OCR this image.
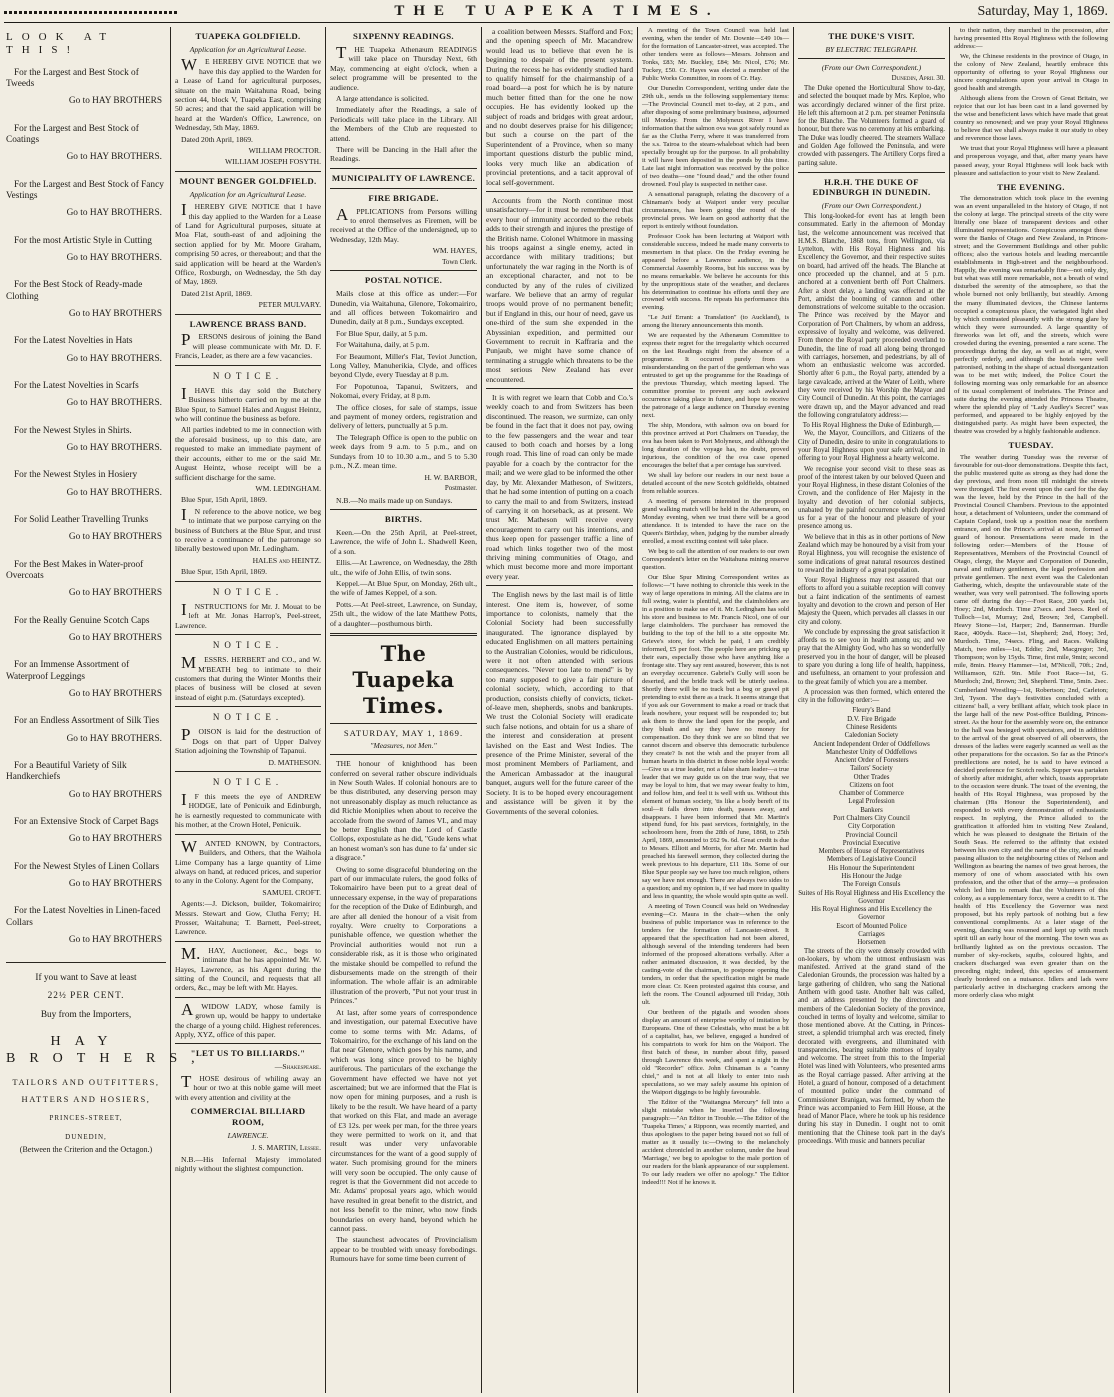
THE TUAPEKA TIMES.	Saturday, May 1, 1869.

LOOK AT THIS!

For the Largest and Best Stock of Tweeds

Go to HAY BROTHERS

For the Largest and Best Stock of Coatings

Go to HAY BROTHERS.

For the Largest and Best Stock of Fancy Vestings

Go to HAY BROTHERS.

For the most Artistic Style in Cutting

Go to HAY BROTHERS.

For the Best Stock of Ready-made Clothing

Go to HAY BROTHERS

For the Latest Novelties in Hats

Go to HAY BROTHERS.

For the Latest Novelties in Scarfs

Go to HAY BROTHERS.

For the Newest Styles in Shirts.

Go to HAY BROTHERS.

For the Newest Styles in Hosiery

Go to HAY BROTHERS.

For Solid Leather Travelling Trunks

Go to HAY BROTHERS

For the Best Makes in Water-proof Overcoats

Go to HAY BROTHERS

For the Really Genuine Scotch Caps

Go to HAY BROTHERS

For an Immense Assortment of Waterproof Leggings

Go to HAY BROTHERS

For an Endless Assortment of Silk Ties

Go to HAY BROTHERS.

For a Beautiful Variety of Silk Handkerchiefs

Go to HAY BROTHERS

For an Extensive Stock of Carpet Bags

Go to HAY BROTHERS

For the Newest Styles of Linen Collars

Go to HAY BROTHERS

For the Latest Novelties in Linen-faced Collars

Go to HAY BROTHERS

If you want to Save at least

22½ PER CENT.

Buy from the Importers,

HAY BROTHERS,

TAILORS AND OUTFITTERS,

HATTERS AND HOSIERS,

PRINCES-STREET,

DUNEDIN,

(Between the Criterion and the Octagon.)

TUAPEKA GOLDFIELD.

Application for an Agricultural Lease.

WE HEREBY GIVE NOTICE that we have this day applied to the Warden for a Lease of Land for agricultural purposes, situate on the main Waitahuna Road, being section 44, block V, Tuapeka East, comprising 50 acres; and that the said application will be heard at the Warden's Office, Lawrence, on Wednesday, 5th May, 1869.

Dated 20th April, 1869.

WILLIAM PROCTOR.

WILLIAM JOSEPH FOSYTH.

MOUNT BENGER GOLDFIELD.

Application for an Agricultural Lease.

IHEREBY GIVE NOTICE that I have this day applied to the Warden for a Lease of Land for Agricultural purposes, situate at Moa Flat, south-east of and adjoining the section applied for by Mr. Moore Graham, comprising 50 acres, or thereabout; and that the said application will be heard at the Warden's Office, Roxburgh, on Wednesday, the 5th day of May, 1869.

Dated 21st April, 1869.

PETER MULVARY.

LAWRENCE BRASS BAND.

PERSONS desirous of joining the Band will please communicate with Mr. D. F. Francis, Leader, as there are a few vacancies.

NOTICE.

IHAVE this day sold the Butchery Business hitherto carried on by me at the Blue Spur, to Samuel Hales and August Heintz, who will continue the business as before.

All parties indebted to me in connection with the aforesaid business, up to this date, are requested to make an immediate payment of their accounts, either to me or the said Mr. August Heintz, whose receipt will be a sufficient discharge for the same.

WM. LEDINGHAM.

Blue Spur, 15th April, 1869.

IN reference to the above notice, we beg to intimate that we purpose carrying on the business of Butchers at the Blue Spur, and trust to receive a continuance of the patronage so liberally bestowed upon Mr. Ledingham.

HALES and HEINTZ.

Blue Spur, 15th April, 1869.

NOTICE.

INSTRUCTIONS for Mr. J. Mouat to be left at Mr. Jonas Harrop's, Peel-street, Lawrence.

NOTICE.

MESSRS. HERBERT and CO., and W. M'BEATH beg to intimate to their customers that during the Winter Months their places of business will be closed at seven instead of eight p.m. (Saturdays excepted).

NOTICE.

POISON is laid for the destruction of Dogs on that part of Upper Dalvey Station adjoining the Township of Tapanui.

D. MATHESON.

NOTICE.

IF this meets the eye of ANDREW HODGE, late of Penicuik and Edinburgh, he is earnestly requested to communicate with his mother, at the Crown Hotel, Penicuik.

WANTED KNOWN, by Contractors, Builders, and Others, that the Waihola Lime Company has a large quantity of Lime always on hand, at reduced prices, and superior to any in the Colony. Agent for the Company,

SAMUEL CROFT.

Agents:—J. Dickson, builder, Tokomairiro; Messrs. Stewart and Gow, Clutha Ferry; H. Prosser, Waitahuna; T. Barnett, Peel-street, Lawrence.

M.HAY, Auctioneer, &c., begs to intimate that he has appointed Mr. W. Hayes, Lawrence, as his Agent during the sitting of the Council, and requests that all orders, &c., may be left with Mr. Hayes.

AWIDOW LADY, whose family is grown up, would be happy to undertake the charge of a young child. Highest references. Apply, XYZ, office of this paper.

"LET US TO BILLIARDS."

—Shakespeare.

THOSE desirous of whiling away an hour or two at this noble game will meet with every attention and civility at the

COMMERCIAL BILLIARD ROOM,

LAWRENCE.

J. S. MARTIN, Lessee.

N.B.—His Infernal Majesty immolated nightly without the slightest compunction.

SIXPENNY READINGS.

THE Tuapeka Athenæum READINGS will take place on Thursday Next, 6th May, commencing at eight o'clock, when a select programme will be presented to the audience.

A large attendance is solicited.

Immediately after the Readings, a sale of Periodicals will take place in the Library. All the Members of the Club are requested to attend.

There will be Dancing in the Hall after the Readings.

MUNICIPALITY OF LAWRENCE.

FIRE BRIGADE.

APPLICATIONS from Persons willing to enrol themselves as Firemen, will be received at the Office of the undersigned, up to Wednesday, 12th May.

WM. HAYES,

Town Clerk.

POSTAL NOTICE.

Mails close at this office as under:—For Dunedin, via Waitahuna, Glenore, Tokomairiro, and all offices between Tokomairiro and Dunedin, daily at 8 p.m., Sundays excepted.

For Blue Spur, daily, at 5 p.m.

For Waitahuna, daily, at 5 p.m.

For Beaumont, Miller's Flat, Teviot Junction, Long Valley, Manuherikia, Clyde, and offices beyond Clyde, every Tuesday at 8 p.m.

For Popotunoa, Tapanui, Switzers, and Nokomai, every Friday, at 8 p.m.

The office closes, for sale of stamps, issue and payment of money orders, registration and delivery of letters, punctually at 5 p.m.

The Telegraph Office is open to the public on week days from 9 a.m. to 5 p.m., and on Sundays from 10 to 10.30 a.m., and 5 to 5.30 p.m., N.Z. mean time.

H. W. BARBOR,

Postmaster.

N.B.—No mails made up on Sundays.

BIRTHS.

Keen.—On the 25th April, at Peel-street, Lawrence, the wife of John L. Shadwell Keen, of a son.

Ellis.—At Lawrence, on Wednesday, the 28th ult., the wife of John Ellis, of twin sons.

Keppel.—At Blue Spur, on Monday, 26th ult., the wife of James Keppel, of a son.

Potts.—At Peel-street, Lawrence, on Sunday, 25th ult., the widow of the late Matthew Potts, of a daughter—posthumous birth.

The Tuapeka Times.

SATURDAY, MAY 1, 1869.

"Measures, not Men."

THE honour of knighthood has been conferred on several rather obscure individuals in New South Wales. If colonial honours are to be thus distributed, any deserving person may not unreasonably display as much reluctance as did Richie Moniplies when about to receive the accolade from the sword of James VI., and may be better English than the Lord of Castle Collops, expostulate as he did, "Gude kens what an honest woman's son has dune to fa' under sic a disgrace."

Owing to some disgraceful blundering on the part of our immaculate rulers, the good folks of Tokomairiro have been put to a great deal of unnecessary expense, in the way of preparations for the reception of the Duke of Edinburgh, and are after all denied the honour of a visit from royalty. Were cruelty to Corporations a punishable offence, we question whether the Provincial authorities would not run a considerable risk, as it is those who originated the mistake should be compelled to refund the disbursements made on the strength of their information. The whole affair is an admirable illustration of the proverb, "Put not your trust in Princes."

At last, after some years of correspondence and investigation, our paternal Executive have come to some terms with Mr. Adams, of Tokomairiro, for the exchange of his land on the flat near Glenore, which goes by his name, and which was long since proved to be highly auriferous. The particulars of the exchange the Government have effected we have not yet ascertained; but we are informed that the Flat is now open for mining purposes, and a rush is likely to be the result. We have heard of a party that worked on this Flat, and made an average of £3 12s. per week per man, for the three years they were permitted to work on it, and that result was under very unfavorable circumstances for the want of a good supply of water. Such promising ground for the miners will very soon be occupied. The only cause of regret is that the Government did not accede to Mr. Adams' proposal years ago, which would have resulted in great benefit to the district, and not less benefit to the miner, who now finds boundaries on every hand, beyond which he cannot pass.

The staunchest advocates of Provincialism appear to be troubled with uneasy forebodings. Rumours have for some time been current of

a coalition between Messrs. Stafford and Fox; and the opening speech of Mr. Macandrew would lead us to believe that even he is beginning to despair of the present system. During the recess he has evidently studied hard to qualify himself for the chairmanship of a road board—a post for which he is by nature much better fitted than for the one he now occupies. He has evidently looked up the subject of roads and bridges with great ardour, and no doubt deserves praise for his diligence; but such a course on the part of the Superintendent of a Province, when so many important questions disturb the public mind, looks very much like an abdication of provincial pretentions, and a tacit approval of local self-government.

Accounts from the North continue most unsatisfactory—for it must be remembered that every hour of immunity accorded to the rebels adds to their strength and injures the prestige of the British name. Colonel Whitmore in massing his troops against a single enemy, acted in accordance with military traditions; but unfortunately the war raging in the North is of an exceptional character, and not to be conducted by any of the rules of civilized warfare. We believe that an army of regular troops would prove of no permanent benefit; but if England in this, our hour of need, gave us one-third of the sum she expended in the Abyssinian expedition, and permitted our Government to recruit in Kaffraria and the Punjaub, we might have some chance of terminating a struggle which threatens to be the most serious New Zealand has ever encountered.

It is with regret we learn that Cobb and Co.'s weekly coach to and from Switzers has been discontinued. The reason, we surmize, can only be found in the fact that it does not pay, owing to the few passengers and the wear and tear caused to both coach and horses by a long rough road. This line of road can only be made payable for a coach by the contractor for the mail; and we were glad to be informed the other day, by Mr. Alexander Matheson, of Switzers, that he had some intention of putting on a coach to carry the mail to and from Switzers, instead of carrying it on horseback, as at present. We trust Mr. Matheson will receive every encouragement to carry out his intentions, and thus keep open for passenger traffic a line of road which links together two of the most thriving mining communities of Otago, and which must become more and more important every year.

The English news by the last mail is of little interest. One item is, however, of some importance to colonists, namely that the Colonial Society had been successfully inaugurated. The ignorance displayed by educated Englishmen on all matters pertaining to the Australian Colonies, would be ridiculous, were it not often attended with serious consequences. "Never too late to mend" is by too many supposed to give a fair picture of colonial society, which, according to that production, consists chiefly of convicts, ticket-of-leave men, shepherds, snobs and bankrupts. We trust the Colonial Society will eradicate such false notions, and obtain for us a share of the interest and consideration at present lavished on the East and West Indies. The presence of the Prime Minister, several of the most prominent Members of Parliament, and the American Ambassador at the inaugural banquet, augurs well for the future career of the Society. It is to be hoped every encouragement and assistance will be given it by the Governments of the several colonies.

A meeting of the Town Council was held last evening, when the tender of Mr. Downie—£49 10s—for the formation of Lancaster-street, was accepted. The other tenders were as follows—Messrs. Johnson and Tonks, £83; Mr. Buckley, £84; Mr. Nicol, £76; Mr. Tuckey, £50. Cr. Hayes was elected a member of the Public Works Committee, in room of Cr. Hay.

Our Dunedin Correspondent, writing under date the 29th ult., sends us the following supplementary items:—The Provincial Council met to-day, at 2 p.m., and after disposing of some preliminary business, adjourned till Monday. From the Molyneux River I have information that the salmon ova was got safely round as far as the Clutha Ferry, where it was transferred from the s.s. Tairoa to the steam-whaleboat which had been specially brought up for the purpose. In all probability it will have been deposited in the ponds by this time. Late last night information was received by the police of two deaths—one "found dead," and the other found drowned. Foul play is suspected in neither case.

A sensational paragraph, relating the discovery of a Chinaman's body at Waipori under very peculiar circumstances, has been going the round of the provincial press. We learn on good authority that the report is entirely without foundation.

Professor Cook has been lecturing at Waipori with considerable success, indeed he made many converts to mesmerism in that place. On the Friday evening he appeared before a Lawrence audience, in the Commercial Assembly Rooms, but his success was by no means remarkable. We believe he accounts for this by the unpropitious state of the weather, and declares his determination to continue his efforts until they are crowned with success. He repeats his performance this evening.

"Le Juif Errant: a Translation" (to Auckland), is among the literary announcements this month.

We are requested by the Athenæum Committee to express their regret for the irregularity which occurred on the last Readings night from the absence of a programme. It occurred purely from a misunderstanding on the part of the gentleman who was entrusted to get up the programme for the Readings of the previous Thursday, which meeting lapsed. The committee promise to prevent any such awkward occurrence taking place in future, and hope to receive the patronage of a large audience on Thursday evening next.

The ship, Mondora, with salmon ova on board for this province arrived at Port Chalmers on Tuesday, the ova has been taken to Port Molyneux, and although the long duration of the voyage has, no doubt, proved injurious, the condition of the ova case opened encourages the belief that a per centage has survived.

We shall lay before our readers in our next issue a detailed account of the new Scotch goldfields, obtained from reliable sources.

A meeting of persons interested in the proposed grand walking match will be held in the Athenæum, on Monday evening, when we trust there will be a good attendance. It is intended to have the race on the Queen's Birthday, when, judging by the number already enrolled, a most exciting contest will take place.

We beg to call the attention of our readers to our own Correspondent's letter on the Waitahuna mining reserve question.

Our Blue Spur Mining Correspondent writes as follows:—"I have nothing to chronicle this week in the way of large operations in mining. All the claims are in full swing, water is plentiful, and the claimholders are in a position to make use of it. Mr. Ledingham has sold his store and business to Mr. Francis Nicol, one of our large claimholders. The purchaser has removed the building to the top of the hill to a site opposite Mr. Grieve's store, for which he paid, I am credibly informed, £5 per foot. The people here are pricking up their ears, especially those who have anything like a frontage site. They say rent assured, however, this is not an everyday occurrence. Gabriel's Gully will soon be deserted, and the bridle track will be utterly useless. Shortly there will be no track but a bog or gravel pit pretending to exist there as a track. It seems strange that if you ask our Government to make a road or track that leads nowhere, your request will be responded to; but ask them to throw the land open for the people, and they blush and say they have no money for compensation. Do they think we are so blind that we cannot discern and observe this democratic turbulence they create? Is not the wish and the prayer from all human hearts in this district in those noble loyal words:—Give us a true leader, not a false sham leader—a true leader that we may guide us on the true way, that we may be loyal to him, that we may swear fealty to him, and follow him, and feel it is well with us. Without this element of human society, 'tis like a body bereft of its soul—it falls down into death, passes away, and disappears. I have been informed that Mr. Martin's stipend fund, for his past services, fortnightly, in the schoolroom here, from the 28th of June, 1868, to 25th April, 1869, amounted to £62 9s. 6d. Great credit is due to Messrs. Elliott and Morris, for after Mr. Martin had preached his farewell sermon, they collected during the week previous to his departure, £11 18s. Some of our Blue Spur people say we have too much religion, others say we have not enough. There are always two sides to a question; and my opinion is, if we had more in quality and less in quantity, the whole would spin quite as well.

A meeting of Town Council was held on Wednesday evening—Cr. Maura in the chair—when the only business of public importance was in reference to the tenders for the formation of Lancaster-street. It appeared that the specification had not been altered, although several of the intending tenderers had been informed of the proposed alterations verbally. After a rather animated discussion, it was decided, by the casting-vote of the chairman, to postpone opening the tenders, in order that the specification might be made more clear. Cr. Keen protested against this course, and left the room. The Council adjourned till Friday, 30th ult.

Our brethren of the pigtails and wooden shoes display an amount of enterprise worthy of imitation by Europeans. One of these Celestials, who must be a bit of a capitalist, has, we believe, engaged a hundred of his compatriots to work for him on the Waipori. The first batch of these, in number about fifty, passed through Lawrence this week, and spent a night in the old "Recorder" office. John Chinaman is a "canny chiel," and is not at all likely to enter into rash speculations, so we may safely assume his opinion of the Waipori diggings to be highly favourable.

The Editor of the "Waitangna Mercury" fell into a slight mistake when he inserted the following paragraph:—"An Editor in Trouble.—The Editor of the 'Tuapeka Times,' a Ripponn, was recently married, and thus apologises to the paper being issued not so full of matter as it usually is:—Owing to the melancholy accident chronicled in another column, under the head 'Marriage,' we beg to apologise to the male portion of our readers for the blank appearance of our supplement. To our lady readers we offer no apology." The Editor indeed!!! Not if he knows it.

THE DUKE'S VISIT.

BY ELECTRIC TELEGRAPH.

(From our Own Correspondent.)

Dunedin, April 30.

The Duke opened the Horticultural Show to-day, and selected the bouquet made by Mrs. Keploe, who was accordingly declared winner of the first prize. He left this afternoon at 2 p.m. per steamer Peninsula for the Blanche. The Volunteers formed a guard of honour, but there was no ceremony at his embarking. The Duke was loudly cheered. The steamers Wallace and Golden Age followed the Peninsula, and were crowded with passengers. The Artillery Corps fired a parting salute.

H.R.H. THE DUKE OF EDINBURGH IN DUNEDIN.

(From our Own Correspondent.)

This long-looked-for event has at length been consummated. Early in the afternoon of Monday last, the welcome announcement was received that H.M.S. Blanche, 1868 tons, from Wellington, via Lyttelton, with His Royal Highness and his Excellency the Governor, and their respective suites on board, had arrived off the heads. The Blanche at once proceeded up the channel, and at 5 p.m. anchored at a convenient berth off Port Chalmers. After a short delay, a landing was effected at the Port, amidst the booming of cannon and other demonstrations of welcome suitable to the occasion. The Prince was received by the Mayor and Corporation of Port Chalmers, by whom an address, expressive of loyalty and welcome, was delivered. From thence the Royal party proceeded overland to Dunedin, the line of road all along being thronged with carriages, horsemen, and pedestrians, by all of whom an enthusiastic welcome was accorded. Shortly after 6 p.m., the Royal party, attended by a large cavalcade, arrived at the Water of Leith, where they were received by his Worship the Mayor and City Council of Dunedin. At this point, the carriages were drawn up, and the Mayor advanced and read the following congratulatory address:—

To His Royal Highness the Duke of Edinburgh,—

We, the Mayor, Councillors, and Citizens of the City of Dunedin, desire to unite in congratulations to your Royal Highness upon your safe arrival, and in offering to your Royal Highness a hearty welcome.

We recognise your second visit to these seas as proof of the interest taken by our beloved Queen and your Royal Highness, in these distant Colonies of the Crown, and the confidence of Her Majesty in the loyalty and devotion of her colonial subjects, unabated by the painful occurrence which deprived us for a year of the honour and pleasure of your presence among us.

We believe that in this as in other portions of New Zealand which may be honoured by a visit from your Royal Highness, you will recognise the existence of some indications of great natural resources destined to reward the industry of a great population.

Your Royal Highness may rest assured that our efforts to afford you a suitable reception will convey but a faint indication of the sentiments of earnest loyalty and devotion to the crown and person of Her Majesty the Queen, which pervades all classes in our city and colony.

We conclude by expressing the great satisfaction it affords us to see you in health among us; and we pray that the Almighty God, who has so wonderfully preserved you in the hour of danger, will be pleased to spare you during a long life of health, happiness, and usefulness, an ornament to your profession and to the great family of which you are a member.

A procession was then formed, which entered the city in the following order:—

Fleury's Band

D.V. Fire Brigade

Chinese Residents

Caledonian Society

Ancient Independent Order of Oddfellows

Manchester Unity of Oddfellows

Ancient Order of Foresters

Tailors' Society

Other Trades

Citizens on foot

Chamber of Commerce

Legal Profession

Bankers

Port Chalmers City Council

City Corporation

Provincial Council

Provincial Executive

Members of House of Representatives

Members of Legislative Council

His Honour the Superintendent

His Honour the Judge

The Foreign Consuls

Suites of His Royal Highness and His Excellency the Governor

His Royal Highness and His Excellency the Governor

Escort of Mounted Police

Carriages

Horsemen

The streets of the city were densely crowded with on-lookers, by whom the utmost enthusiasm was manifested. Arrived at the grand stand of the Caledonian Grounds, the procession was halted by a large gathering of children, who sang the National Anthem with good taste. Another halt was called, and an address presented by the directors and members of the Caledonian Society of the province, couched in terms of loyalty and welcome, similar to those mentioned above. At the Cutting, in Princes-street, a splendid triumphal arch was erected, finely decorated with evergreens, and illuminated with transparencies, bearing suitable mottoes of loyalty and welcome. The street from this to the Imperial Hotel was lined with Volunteers, who presented arms as the Royal carriage passed. After arriving at the Hotel, a guard of honour, composed of a detachment of mounted police under the command of Commissioner Branigan, was formed, by whom the Prince was accompanied to Fern Hill House, at the head of Manor Place, where he took up his residence during his stay in Dunedin. I ought not to omit mentioning that the Chinese took part in the day's proceedings. With music and banners peculiar

to their nation, they marched in the procession, after having presented His Royal Highness with the following address:—

We, the Chinese residents in the province of Otago, in the colony of New Zealand, heartily embrace this opportunity of offering to your Royal Highness our sincere congratulations upon your arrival in Otago in good health and strength.

Although aliens from the Crown of Great Britain, we rejoice that our lot has been cast in a land governed by the wise and beneficient laws which have made that great country so renowned; and we pray your Royal Highness to believe that we shall always make it our study to obey and reverence those laws.

We trust that your Royal Highness will have a pleasant and prosperous voyage, and that, after many years have passed away, your Royal Highness will look back with pleasure and satisfaction to your visit to New Zealand.

THE EVENING.

The demonstration which took place in the evening was an event unparalleled in the history of Otago, if not the colony at large. The principal streets of the city were literally one blaze of transparent devices and other illuminated representations. Conspicuous amongst these were the Banks of Otago and New Zealand, in Princes-street; and the Government Buildings and other public offices; also the various hotels and leading mercantile establishments in High-street and the neighbourhood. Happily, the evening was remarkably fine—not only dry, but what was still more remarkable, not a breath of wind disturbed the serenity of the atmosphere, so that the whole burned not only brilliantly, but steadily. Among the many illuminated devices, the Chinese lanterns occupied a conspicuous place, the variegated light shed by which contrasted pleasantly with the strong glare by which they were surrounded. A large quantity of fireworks was let off, and the streets, which were crowded during the evening, presented a rare scene. The proceedings during the day, as well as at night, were perfectly orderly, and although the hotels were well patronised, nothing in the shape of actual disorganization was to be met with; indeed, the Police Court the following morning was only remarkable for an absence of its usual complement of inebriates. The Prince and suite during the evening attended the Princess Theatre, where the splendid play of "Lady Audley's Secret" was performed, and appeared to be highly enjoyed by the distinguished party. As might have been expected, the theatre was crowded by a highly fashionable audience.

TUESDAY.

The weather during Tuesday was the reverse of favourable for out-door demonstrations. Despite this fact, the public mustered quite as strong as they had done the day previous, and from noon till midnight the streets were thronged. The first event upon the card for the day was the levee, held by the Prince in the hall of the Provincial Council Chambers. Previous to the appointed hour, a detachment of Volunteers, under the command of Captain Copland, took up a position near the northern entrance, and on the Prince's arrival at noon, formed a guard of honour. Presentations were made in the following order:—Members of the House of Representatives, Members of the Provincial Council of Otago, clergy, the Mayor and Corporation of Dunedin, naval and military gentlemen, the legal profession and private gentlemen. The next event was the Caledonian Gathering, which, despite the unfavourable state of the weather, was very well patronised. The following sports came off during the day:—Foot Race, 200 yards 1st, Hoey; 2nd, Murdoch. Time 27secs. and 3secs. Reel of Tulloch—1st, Murray; 2nd, Brown; 3rd, Campbell. Heavy Stone—1st, Harper; 2nd, Bannerman. Hurdle Race, 400yds. Race—1st, Shepherd; 2nd, Hoey; 3rd, Murdoch. Time, 74secs. Fling, and Races. Walking Match, two miles—1st, Eddie; 2nd, Macgregor; 3rd, Thompson; won by 15yds. Time, first mile, 9min; second mile, 8min. Heavy Hammer—1st, M'Nicoll, 70ft.; 2nd, Williamson, 62ft. 9in. Mile Foot Race—1st, G. Murdoch; 2nd, Brown; 3rd, Shepherd. Time, 5min. 2sec. Cumberland Wrestling—1st, Robertson; 2nd, Carleton; 3rd, Tyson. The day's festivities concluded with a citizens' ball, a very brilliant affair, which took place in the large hall of the new Post-office Building, Princes-street. As the hour for the assembly wore on, the entrance to the hall was besieged with spectators, and in addition to the arrival of the great observed of all observers, the dresses of the ladies were eagerly scanned as well as the other preparations for the occasion. So far as the Prince's predilections are noted, he is said to have evinced a decided preference for Scotch reels. Supper was partaken of shortly after midnight, after which, toasts appropriate to the occasion were drunk. The toast of the evening, the health of His Royal Highness, was proposed by the chairman (His Honour the Superintendent), and responded to with every demonstration of enthusiastic respect. In replying, the Prince alluded to the gratification it afforded him in visiting New Zealand, which he was pleased to designate the Britain of the South Seas. He referred to the affinity that existed between his own city and the name of the city, and made passing allusion to the neighbouring cities of Nelson and Wellington as bearing the names of two great heroes, the memory of one of whom associated with his own profession, and the other that of the army—a profession which led him to remark that the Volunteers of this colony, as a supplementary force, were a credit to it. The health of His Excellency the Governor was next proposed, but his reply partook of nothing but a few conventional compliments. At a later stage of the evening, dancing was resumed and kept up with much spirit till an early hour of the morning. The town was as brilliantly lighted as on the previous occasion. The number of sky-rockets, squibs, coloured lights, and crackers discharged was even greater than on the preceding night; indeed, this species of amusement clearly bordered on a nuisance. Idlers and lads were particularly active in discharging crackers among the more orderly class who might
